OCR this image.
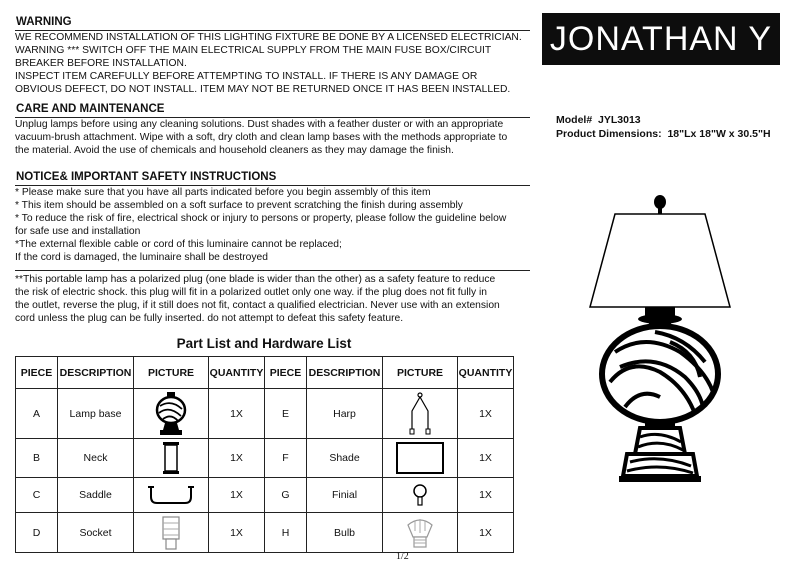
WARNING
WE RECOMMEND INSTALLATION OF THIS LIGHTING FIXTURE BE DONE BY A LICENSED ELECTRICIAN.
WARNING *** SWITCH OFF THE MAIN ELECTRICAL SUPPLY FROM THE MAIN FUSE BOX/CIRCUIT
BREAKER BEFORE INSTALLATION.
INSPECT ITEM CAREFULLY BEFORE ATTEMPTING TO INSTALL. IF THERE IS ANY DAMAGE OR
OBVIOUS DEFECT, DO NOT INSTALL. ITEM MAY NOT BE RETURNED ONCE IT HAS BEEN INSTALLED.
CARE AND MAINTENANCE
Unplug lamps before using any cleaning solutions. Dust shades with a feather duster or with an appropriate
vacuum-brush attachment. Wipe with a soft, dry cloth and clean lamp bases with the methods appropriate to
the material. Avoid the use of chemicals and household cleaners as they may damage the finish.
NOTICE& IMPORTANT SAFETY INSTRUCTIONS
* Please make sure that you have all parts indicated before you begin assembly of this item
* This item should be assembled on a soft surface to prevent scratching the finish during assembly
* To reduce the risk of fire, electrical shock or injury to persons or property, please follow the guideline below
for safe use and installation
*The external flexible cable or cord of this luminaire cannot be replaced;
If the cord is damaged, the luminaire shall be destroyed
**This portable lamp has a polarized plug (one blade is wider than the other) as a safety feature to reduce
the risk of electric shock. this plug will fit in a polarized outlet only one way. if the plug does not fit fully in
the outlet, reverse the plug, if it still does not fit, contact a qualified electrician. Never use with an extension
cord unless the plug can be fully inserted. do not attempt to defeat this safety feature.
JONATHAN Y
Model# JYL3013
Product Dimensions: 18"Lx 18"W x 30.5"H
Part List and Hardware List
PIECE	DESCRIPTION	PICTURE	QUANTITY	PIECE	DESCRIPTION	PICTURE	QUANTITY
A	Lamp base		1X	E	Harp		1X
B	Neck		1X	F	Shade		1X
C	Saddle		1X	G	Finial		1X
D	Socket		1X	H	Bulb		1X
1/2
